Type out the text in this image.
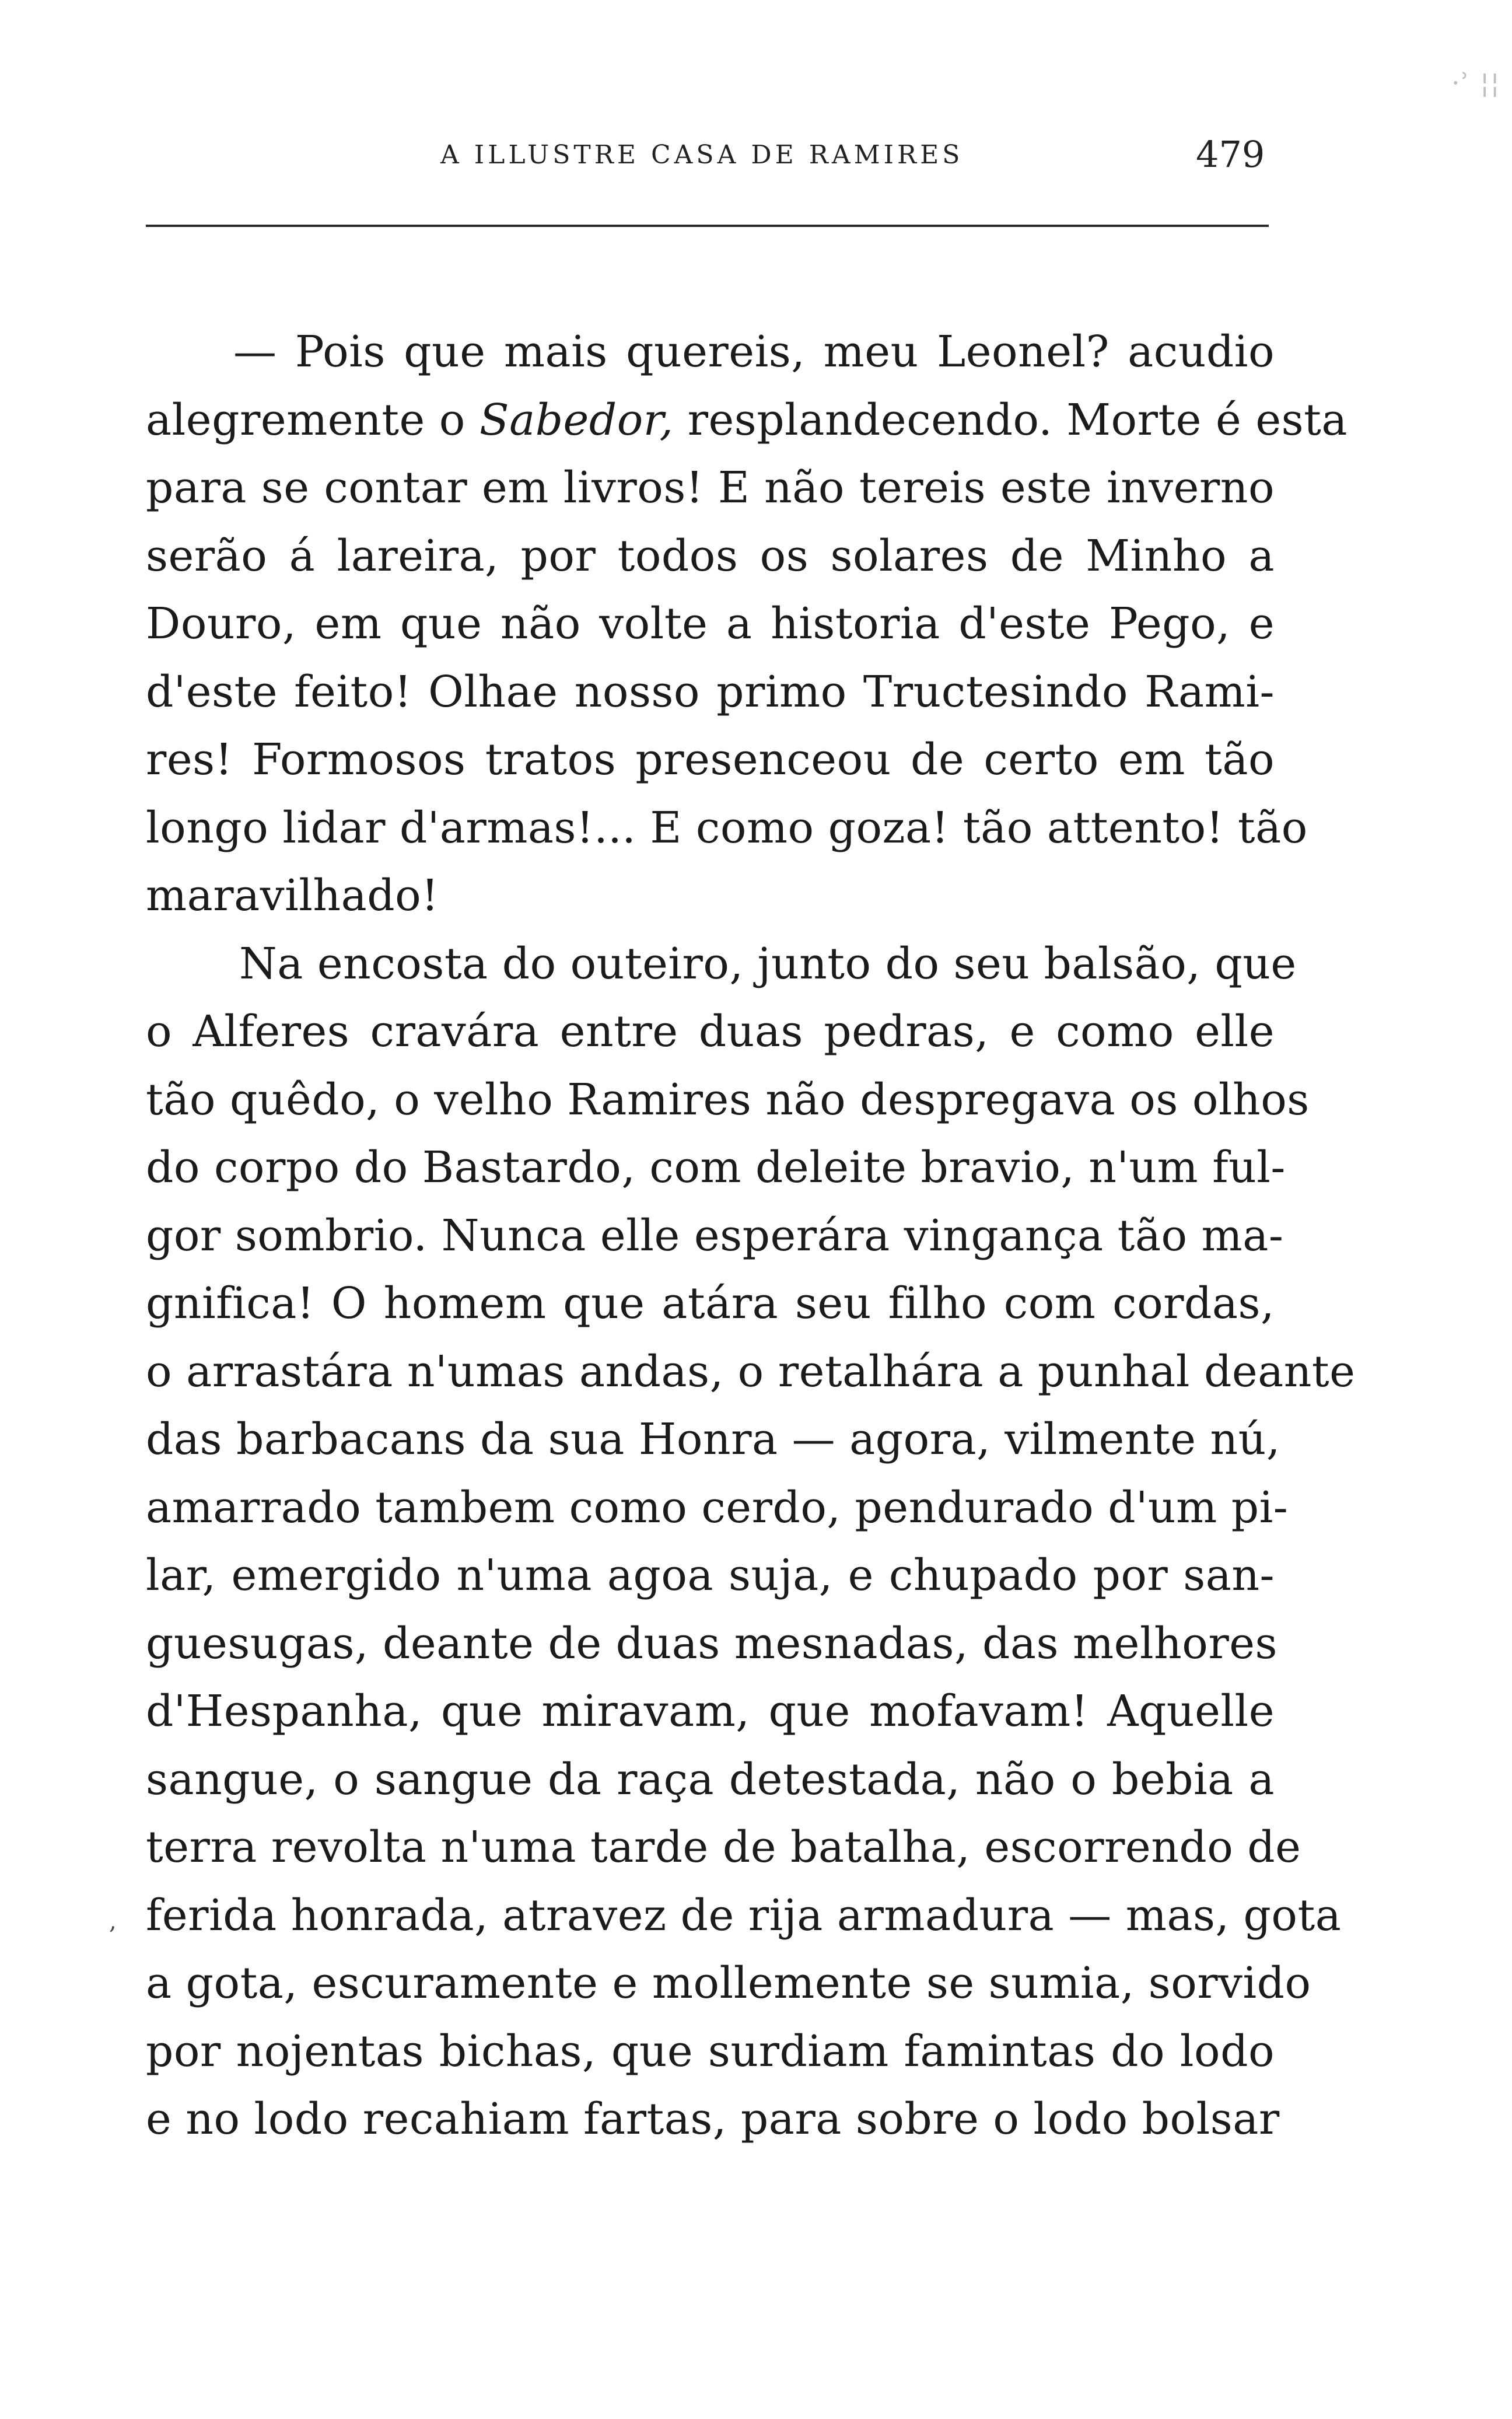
·ʾ ¦¦
A ILLUSTRE CASA DE RAMIRES	479
— Pois que mais quereis, meu Leonel? acudio
alegremente o Sabedor, resplandecendo. Morte é esta
para se contar em livros! E não tereis este inverno
serão á lareira, por todos os solares de Minho a
Douro, em que não volte a historia d'este Pego, e
d'este feito! Olhae nosso primo Tructesindo Rami-
res! Formosos tratos presenceou de certo em tão
longo lidar d'armas!... E como goza! tão attento! tão
maravilhado!
Na encosta do outeiro, junto do seu balsão, que
o Alferes cravára entre duas pedras, e como elle
tão quêdo, o velho Ramires não despregava os olhos
do corpo do Bastardo, com deleite bravio, n'um ful-
gor sombrio. Nunca elle esperára vingança tão ma-
gnifica! O homem que atára seu filho com cordas,
o arrastára n'umas andas, o retalhára a punhal deante
das barbacans da sua Honra — agora, vilmente nú,
amarrado tambem como cerdo, pendurado d'um pi-
lar, emergido n'uma agoa suja, e chupado por san-
guesugas, deante de duas mesnadas, das melhores
d'Hespanha, que miravam, que mofavam! Aquelle
sangue, o sangue da raça detestada, não o bebia a
terra revolta n'uma tarde de batalha, escorrendo de
ferida honrada, atravez de rija armadura — mas, gota
a gota, escuramente e mollemente se sumia, sorvido
por nojentas bichas, que surdiam famintas do lodo
e no lodo recahiam fartas, para sobre o lodo bolsar
,
